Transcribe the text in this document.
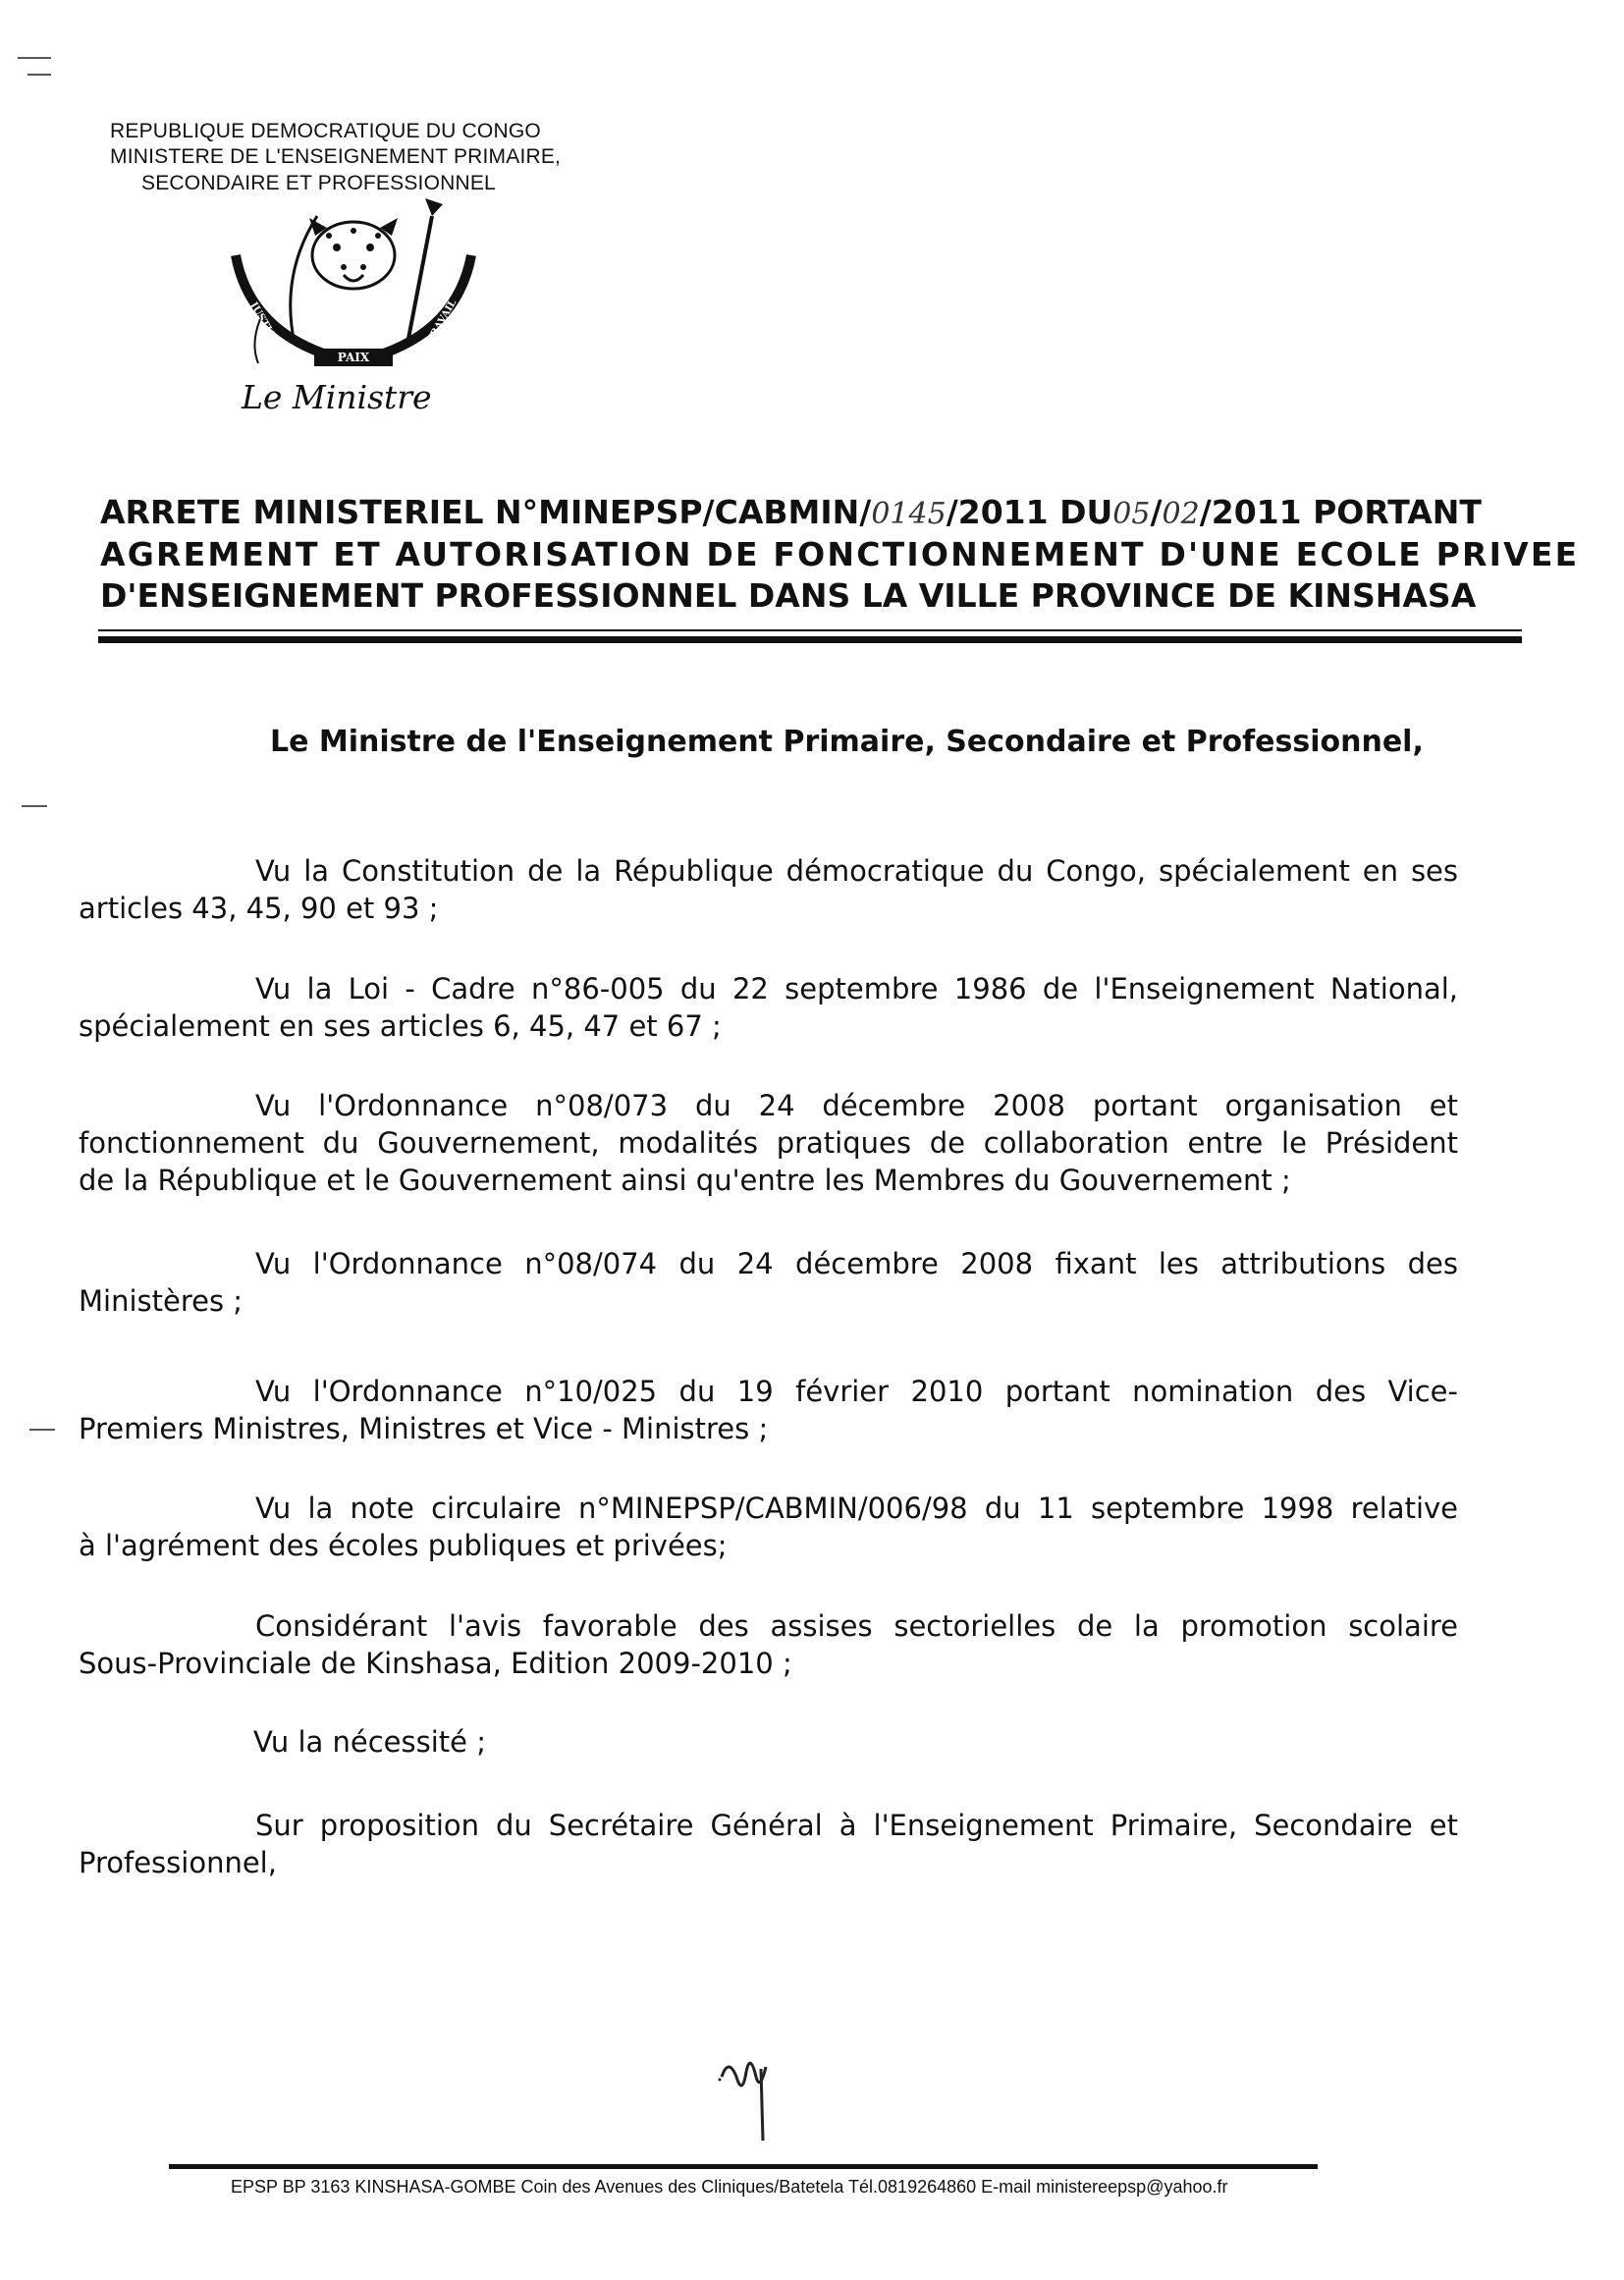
REPUBLIQUE DEMOCRATIQUE DU CONGO
MINISTERE DE L'ENSEIGNEMENT PRIMAIRE,
SECONDAIRE ET PROFESSIONNEL
PAIX
JUSTICE	TRAVAIL
Le Ministre
ARRETE MINISTERIEL N°MINEPSP/CABMIN/0145/2011 DU05/02/2011 PORTANT
AGREMENT ET AUTORISATION DE FONCTIONNEMENT D'UNE ECOLE PRIVEE
D'ENSEIGNEMENT PROFESSIONNEL DANS LA VILLE PROVINCE DE KINSHASA
Le Ministre de l'Enseignement Primaire, Secondaire et Professionnel,
Vu la Constitution de la République démocratique du Congo, spécialement en ses
articles 43, 45, 90 et 93 ;
Vu la Loi - Cadre n°86-005 du 22 septembre 1986 de l'Enseignement National,
spécialement en ses articles 6, 45, 47 et 67 ;
Vu l'Ordonnance n°08/073 du 24 décembre 2008 portant organisation et
fonctionnement du Gouvernement, modalités pratiques de collaboration entre le Président
de la République et le Gouvernement ainsi qu'entre les Membres du Gouvernement ;
Vu l'Ordonnance n°08/074 du 24 décembre 2008 fixant les attributions des
Ministères ;
Vu l'Ordonnance n°10/025 du 19 février 2010 portant nomination des Vice-
Premiers Ministres, Ministres et Vice - Ministres ;
Vu la note circulaire n°MINEPSP/CABMIN/006/98 du 11 septembre 1998 relative
à l'agrément des écoles publiques et privées;
Considérant l'avis favorable des assises sectorielles de la promotion scolaire
Sous-Provinciale de Kinshasa, Edition 2009-2010 ;
Vu la nécessité ;
Sur proposition du Secrétaire Général à l'Enseignement Primaire, Secondaire et
Professionnel,
EPSP BP 3163 KINSHASA-GOMBE Coin des Avenues des Cliniques/Batetela Tél.0819264860 E-mail ministereepsp@yahoo.fr
